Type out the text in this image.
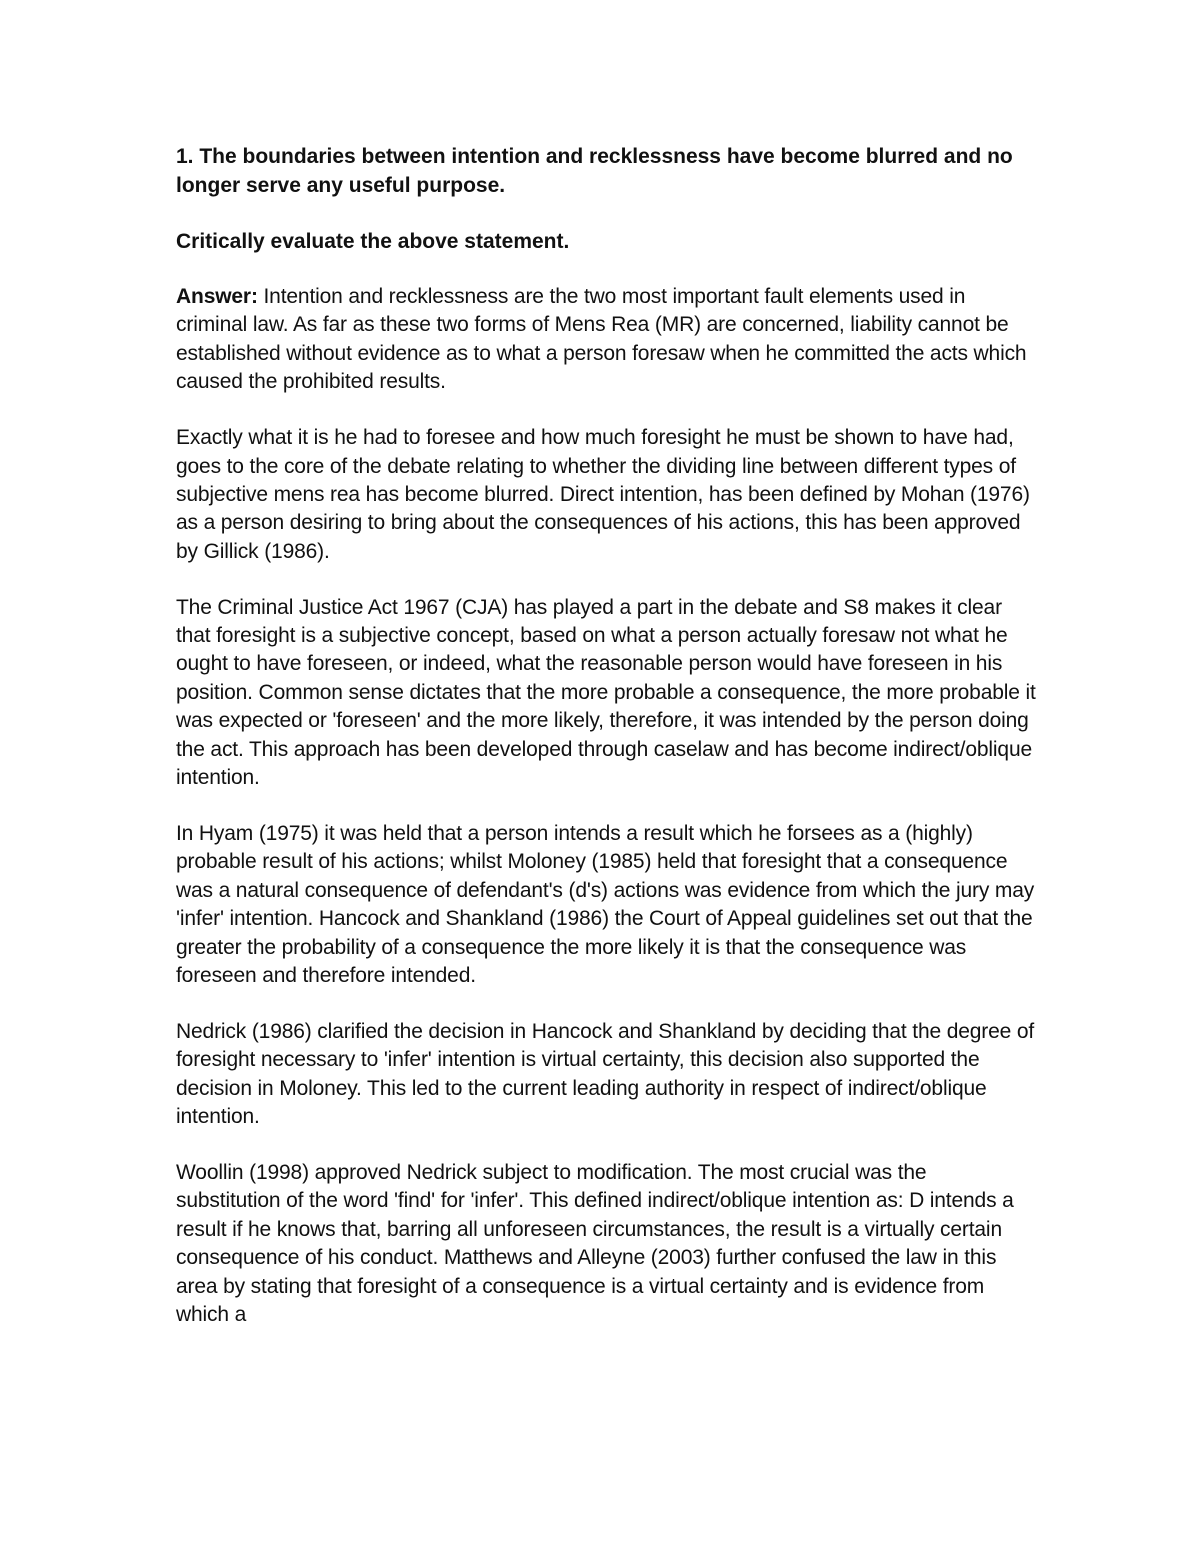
1. The boundaries between intention and recklessness have become blurred and no longer serve any useful purpose.

Critically evaluate the above statement.

Answer: Intention and recklessness are the two most important fault elements used in criminal law. As far as these two forms of Mens Rea (MR) are concerned, liability cannot be established without evidence as to what a person foresaw when he committed the acts which caused the prohibited results.

Exactly what it is he had to foresee and how much foresight he must be shown to have had, goes to the core of the debate relating to whether the dividing line between different types of subjective mens rea has become blurred. Direct intention, has been defined by Mohan (1976) as a person desiring to bring about the consequences of his actions, this has been approved by Gillick (1986).

The Criminal Justice Act 1967 (CJA) has played a part in the debate and S8 makes it clear that foresight is a subjective concept, based on what a person actually foresaw not what he ought to have foreseen, or indeed, what the reasonable person would have foreseen in his position. Common sense dictates that the more probable a consequence, the more probable it was expected or 'foreseen' and the more likely, therefore, it was intended by the person doing the act. This approach has been developed through caselaw and has become indirect/oblique intention.

In Hyam (1975) it was held that a person intends a result which he forsees as a (highly) probable result of his actions; whilst Moloney (1985) held that foresight that a consequence was a natural consequence of defendant's (d's) actions was evidence from which the jury may 'infer' intention. Hancock and Shankland (1986) the Court of Appeal guidelines set out that the greater the probability of a consequence the more likely it is that the consequence was foreseen and therefore intended.

Nedrick (1986) clarified the decision in Hancock and Shankland by deciding that the degree of foresight necessary to 'infer' intention is virtual certainty, this decision also supported the decision in Moloney. This led to the current leading authority in respect of indirect/oblique intention.

Woollin (1998) approved Nedrick subject to modification. The most crucial was the substitution of the word 'find' for 'infer'. This defined indirect/oblique intention as: D intends a result if he knows that, barring all unforeseen circumstances, the result is a virtually certain consequence of his conduct. Matthews and Alleyne (2003) further confused the law in this area by stating that foresight of a consequence is a virtual certainty and is evidence from which a
